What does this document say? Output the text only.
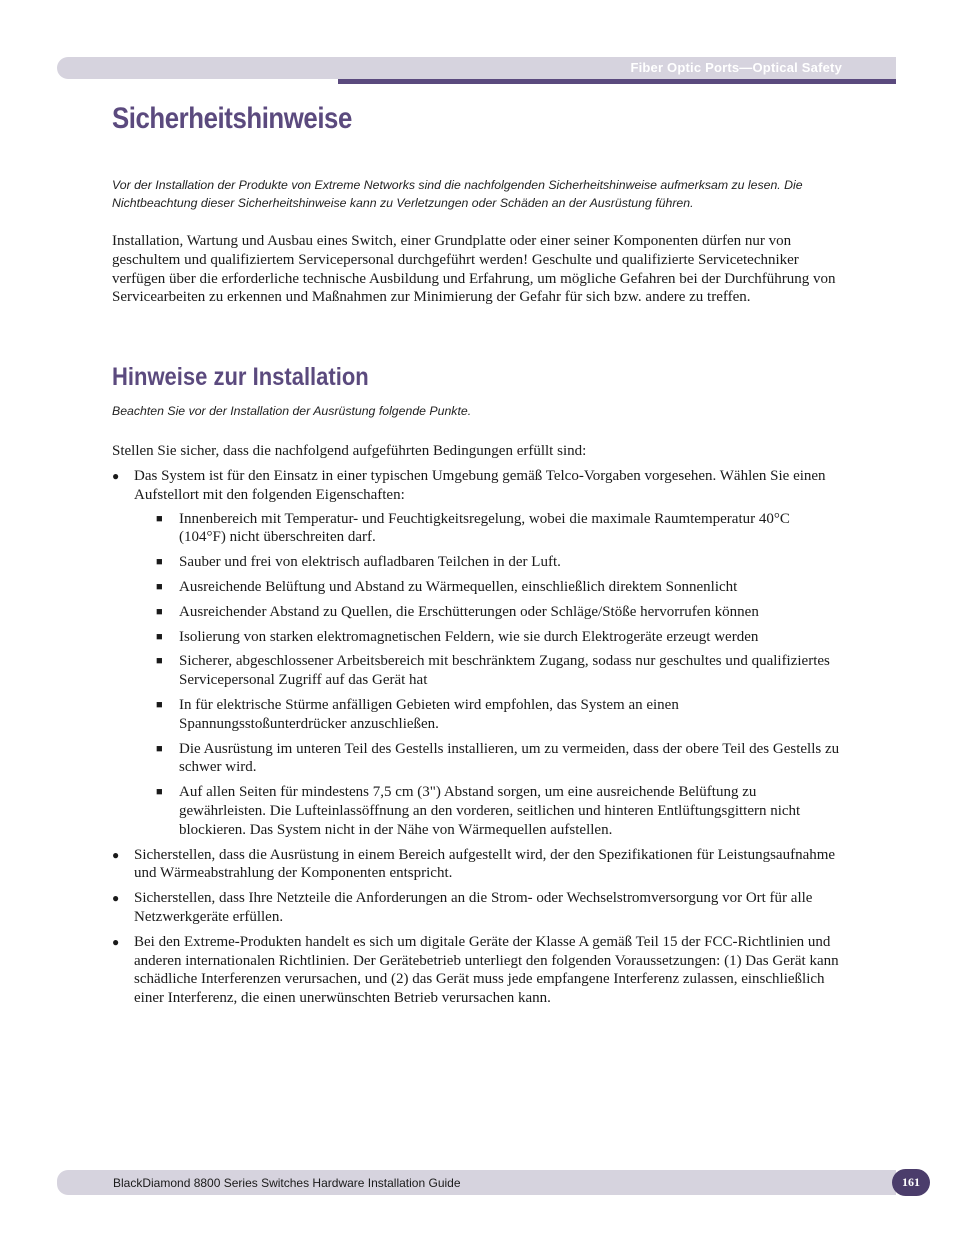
Fiber Optic Ports—Optical Safety
Sicherheitshinweise

Vor der Installation der Produkte von Extreme Networks sind die nachfolgenden Sicherheitshinweise aufmerksam zu lesen. Die Nichtbeachtung dieser Sicherheitshinweise kann zu Verletzungen oder Schäden an der Ausrüstung führen.

Installation, Wartung und Ausbau eines Switch, einer Grundplatte oder einer seiner Komponenten dürfen nur von geschultem und qualifiziertem Servicepersonal durchgeführt werden! Geschulte und qualifizierte Servicetechniker verfügen über die erforderliche technische Ausbildung und Erfahrung, um mögliche Gefahren bei der Durchführung von Servicearbeiten zu erkennen und Maßnahmen zur Minimierung der Gefahr für sich bzw. andere zu treffen.

Hinweise zur Installation

Beachten Sie vor der Installation der Ausrüstung folgende Punkte.

Stellen Sie sicher, dass die nachfolgend aufgeführten Bedingungen erfüllt sind:

● Das System ist für den Einsatz in einer typischen Umgebung gemäß Telco-Vorgaben vorgesehen. Wählen Sie einen Aufstellort mit den folgenden Eigenschaften:
■ Innenbereich mit Temperatur- und Feuchtigkeitsregelung, wobei die maximale Raumtemperatur 40°C (104°F) nicht überschreiten darf.
■ Sauber und frei von elektrisch aufladbaren Teilchen in der Luft.
■ Ausreichende Belüftung und Abstand zu Wärmequellen, einschließlich direktem Sonnenlicht
■ Ausreichender Abstand zu Quellen, die Erschütterungen oder Schläge/Stöße hervorrufen können
■ Isolierung von starken elektromagnetischen Feldern, wie sie durch Elektrogeräte erzeugt werden
■ Sicherer, abgeschlossener Arbeitsbereich mit beschränktem Zugang, sodass nur geschultes und qualifiziertes Servicepersonal Zugriff auf das Gerät hat
■ In für elektrische Stürme anfälligen Gebieten wird empfohlen, das System an einen Spannungsstoßunterdrücker anzuschließen.
■ Die Ausrüstung im unteren Teil des Gestells installieren, um zu vermeiden, dass der obere Teil des Gestells zu schwer wird.
■ Auf allen Seiten für mindestens 7,5 cm (3") Abstand sorgen, um eine ausreichende Belüftung zu gewährleisten. Die Lufteinlassöffnung an den vorderen, seitlichen und hinteren Entlüftungsgittern nicht blockieren. Das System nicht in der Nähe von Wärmequellen aufstellen.
● Sicherstellen, dass die Ausrüstung in einem Bereich aufgestellt wird, der den Spezifikationen für Leistungsaufnahme und Wärmeabstrahlung der Komponenten entspricht.
● Sicherstellen, dass Ihre Netzteile die Anforderungen an die Strom- oder Wechselstromversorgung vor Ort für alle Netzwerkgeräte erfüllen.
● Bei den Extreme-Produkten handelt es sich um digitale Geräte der Klasse A gemäß Teil 15 der FCC-Richtlinien und anderen internationalen Richtlinien. Der Gerätebetrieb unterliegt den folgenden Voraussetzungen: (1) Das Gerät kann schädliche Interferenzen verursachen, und (2) das Gerät muss jede empfangene Interferenz zulassen, einschließlich einer Interferenz, die einen unerwünschten Betrieb verursachen kann.
BlackDiamond 8800 Series Switches Hardware Installation Guide	161
